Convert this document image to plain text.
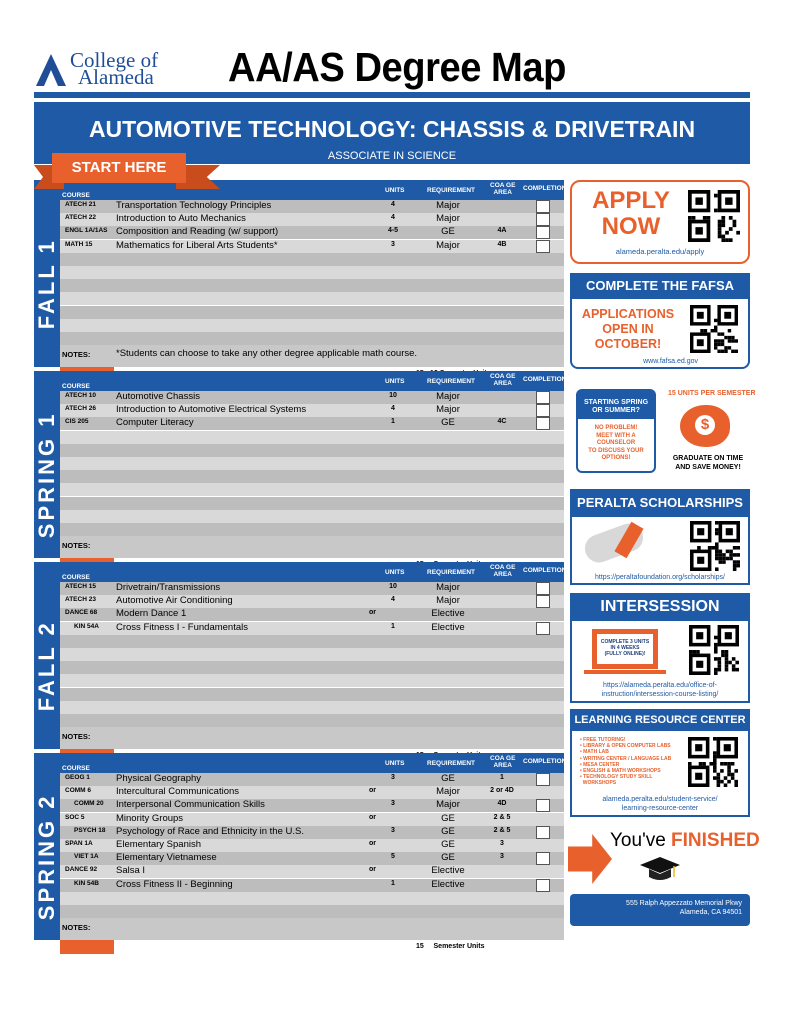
College of
Alameda AA/AS Degree Map
AUTOMOTIVE TECHNOLOGY: CHASSIS & DRIVETRAIN
ASSOCIATE IN SCIENCE
START HERE
FALL 1
COURSE
UNITS	REQUIREMENT
COA GE
AREA
COMPLETION
ATECH 21 Transportation Technology Principles	4	Major
ATECH 22 Introduction to Auto Mechanics	4	Major
ENGL 1A/1AS Composition and Reading (w/ support)	4-5	GE	4A
MATH 15 Mathematics for Liberal Arts Students*	3	Major	4B
NOTES:	*Students can choose to take any other degree applicable math course.
SPRING 1
COURSE
UNITS	REQUIREMENT
COA GE
AREA
COMPLETION
ATECH 10 Automotive Chassis	10	Major
ATECH 26 Introduction to Automotive Electrical Systems	4	Major
CIS 205	Computer Literacy	1	GE	4C
NOTES:
FALL 2
COURSE
UNITS	REQUIREMENT
COA GE
AREA
COMPLETION
ATECH 15 Drivetrain/Transmissions	10	Major
ATECH 23 Automotive Air Conditioning	4	Major
DANCE 68 Modern Dance 1	or	Elective
KIN 54A Cross Fitness I - Fundamentals	1	Elective
NOTES:
SPRING 2
COURSE
UNITS	REQUIREMENT
COA GE
AREA
COMPLETION
GEOG 1	Physical Geography	3	GE	1
COMM 6	Intercultural Communications	or	Major	2 or 4D
COMM 20 Interpersonal Communication Skills	3	Major	4D
SOC 5	Minority Groups	or	GE	2 & 5
PSYCH 18 Psychology of Race and Ethnicity in the U.S.	3	GE	2 & 5
SPAN 1A Elementary Spanish	or	GE	3
VIET 1A Elementary Vietnamese	5	GE	3
DANCE 92 Salsa I	or	Elective
KIN 54B Cross Fitness II - Beginning	1	Elective
NOTES:
15     Semester Units
APPLY
NOW
alameda.peralta.edu/apply
COMPLETE THE FAFSA
APPLICATIONS
OPEN IN
OCTOBER!
www.fafsa.ed.gov
STARTING SPRING
OR SUMMER?
NO PROBLEM!
MEET WITH A
COUNSELOR
TO DISCUSS YOUR
OPTIONS!
15 UNITS PER SEMESTER
$
GRADUATE ON TIME
AND SAVE MONEY!
PERALTA SCHOLARSHIPS
https://peraltafoundation.org/scholarships/
INTERSESSION
COMPLETE 3 UNITS
IN 4 WEEKS
(FULLY ONLINE)!
https://alameda.peralta.edu/office-of-
instruction/intersession-course-listing/
LEARNING RESOURCE CENTER
• FREE TUTORING!
• LIBRARY & OPEN COMPUTER LABS
• MATH LAB
• WRITING CENTER / LANGUAGE LAB
• MESA CENTER
• ENGLISH & MATH WORKSHOPS
• TECHNOLOGY STUDY SKILL
WORKSHOPS
alameda.peralta.edu/student-service/
learning-resource-center
You've FINISHED
555 Ralph Appezzato Memorial Pkwy
Alameda, CA 94501
